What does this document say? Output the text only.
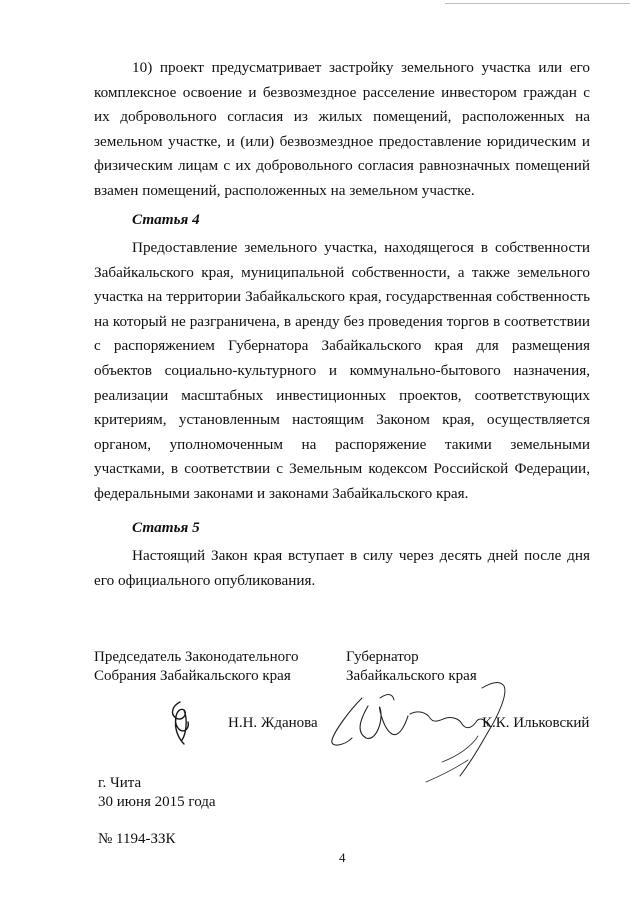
10) проект предусматривает застройку земельного участка или его комплексное освоение и безвозмездное расселение инвестором граждан с их добровольного согласия из жилых помещений, расположенных на земельном участке, и (или) безвозмездное предоставление юридическим и физическим лицам с их добровольного согласия равнозначных помещений взамен помещений, расположенных на земельном участке.

Статья 4

Предоставление земельного участка, находящегося в собственности Забайкальского края, муниципальной собственности, а также земельного участка на территории Забайкальского края, государственная собственность на который не разграничена, в аренду без проведения торгов в соответствии с распоряжением Губернатора Забайкальского края для размещения объектов социально-культурного и коммунально-бытового назначения, реализации масштабных инвестиционных проектов, соответствующих критериям, установленным настоящим Законом края, осуществляется органом, уполномоченным на распоряжение такими земельными участками, в соответствии с Земельным кодексом Российской Федерации, федеральными законами и законами Забайкальского края.

Статья 5

Настоящий Закон края вступает в силу через десять дней после дня его официального опубликования.

Председатель Законодательного
Собрания Забайкальского края
Губернатор
Забайкальского края
Н.Н. Жданова	К.К. Ильковский
г. Чита
30 июня 2015 года
№ 1194-ЗЗК
4
